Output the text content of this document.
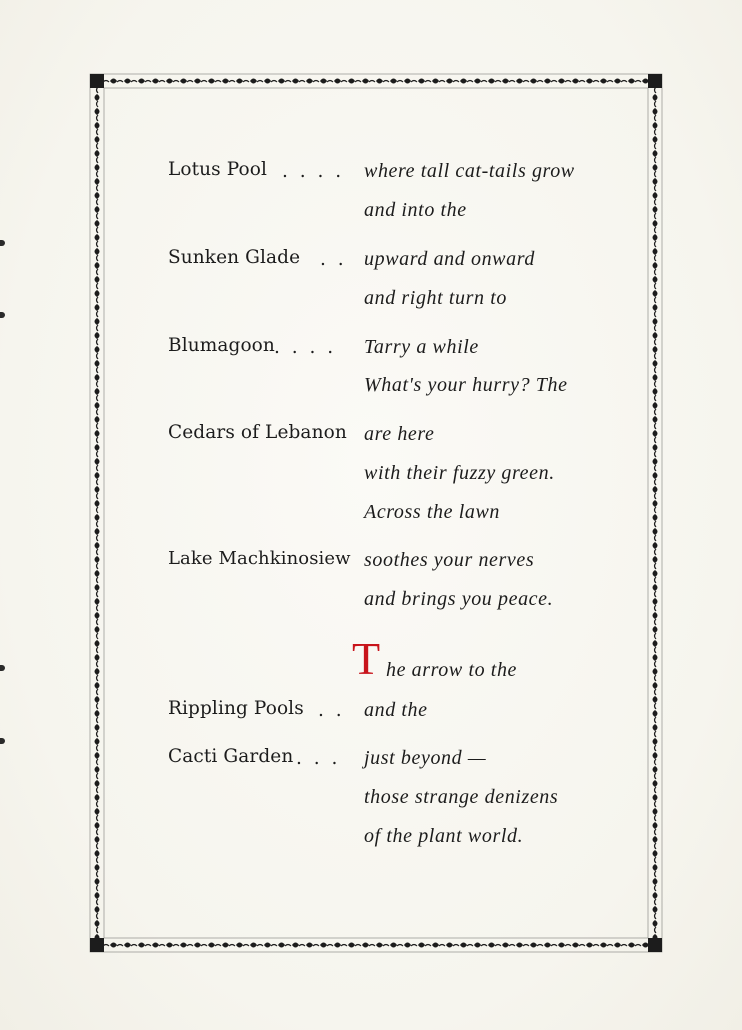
Lotus Pool . . . . where tall cat-tails grow
and into the
Sunken Glade . . upward and onward
and right turn to
Blumagoon . . . . Tarry a while
What's your hurry? The
Cedars of Lebanon are here
with their fuzzy green.
Across the lawn
Lake Machkinosiew soothes your nerves
and brings you peace.
T he arrow to the
Rippling Pools . . and the
Cacti Garden . . . just beyond —
those strange denizens
of the plant world.
